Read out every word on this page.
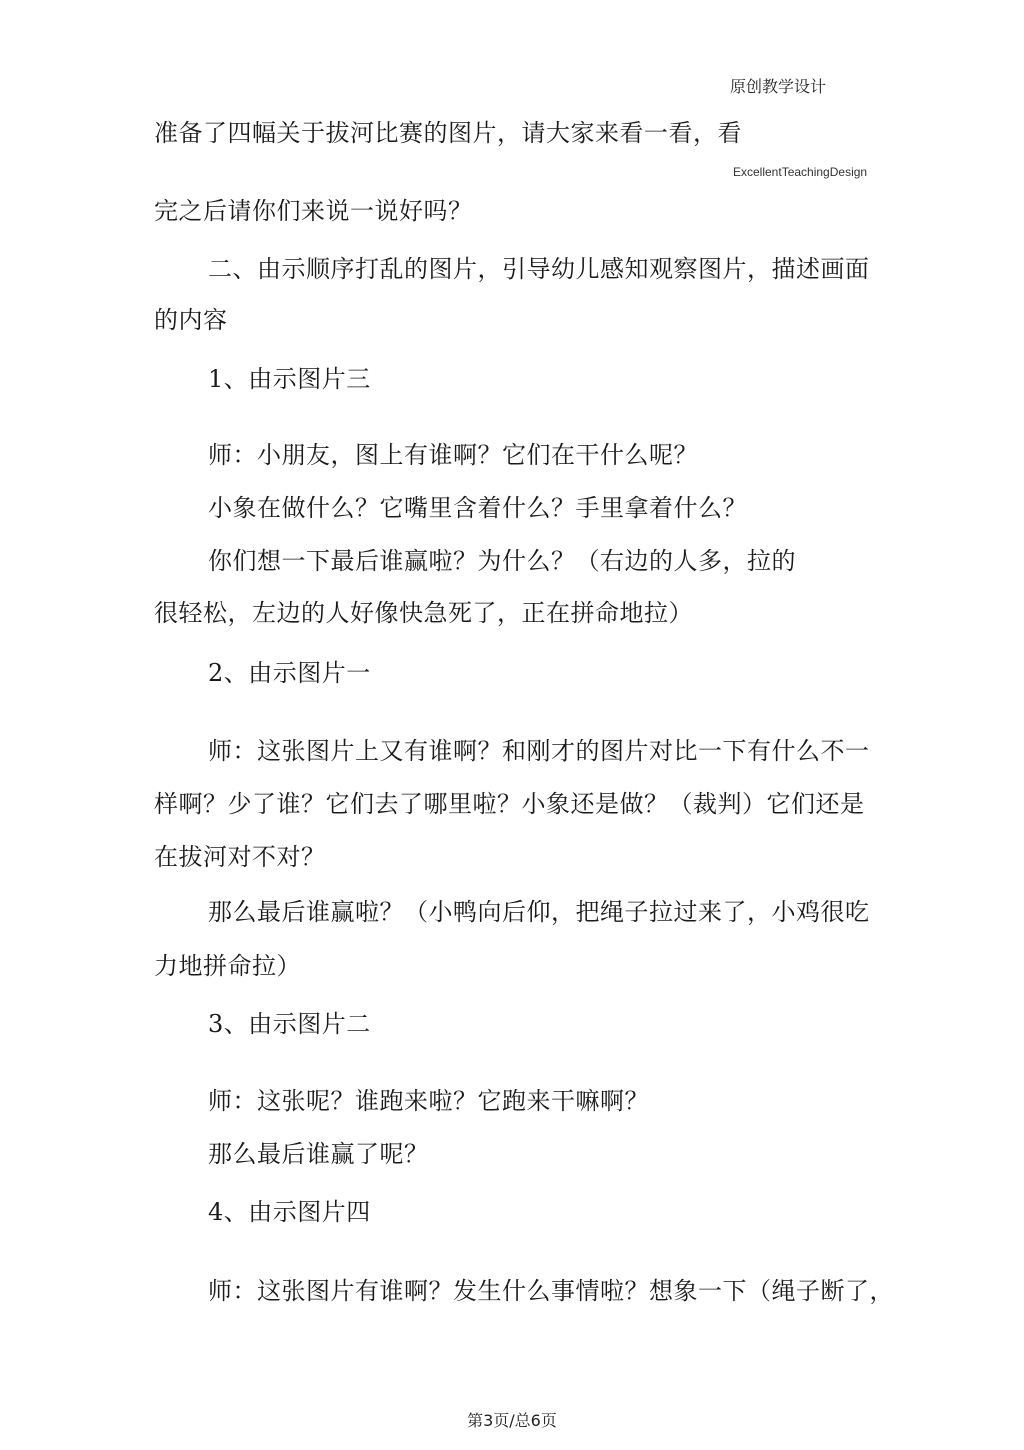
原创教学设计
ExcellentTeachingDesign
准备了四幅关于拔河比赛的图片，请大家来看一看，看
完之后请你们来说一说好吗？
二、由示顺序打乱的图片，引导幼儿感知观察图片，描述画面
的内容
1、由示图片三
师：小朋友，图上有谁啊？它们在干什么呢？
小象在做什么？它嘴里含着什么？手里拿着什么？
你们想一下最后谁赢啦？为什么？（右边的人多，拉的
很轻松，左边的人好像快急死了，正在拼命地拉）
2、由示图片一
师：这张图片上又有谁啊？和刚才的图片对比一下有什么不一
样啊？少了谁？它们去了哪里啦？小象还是做？（裁判）它们还是
在拔河对不对？
那么最后谁赢啦？（小鸭向后仰，把绳子拉过来了，小鸡很吃
力地拼命拉）
3、由示图片二
师：这张呢？谁跑来啦？它跑来干嘛啊？
那么最后谁赢了呢？
4、由示图片四
师：这张图片有谁啊？发生什么事情啦？想象一下（绳子断了，
第3页/总6页
